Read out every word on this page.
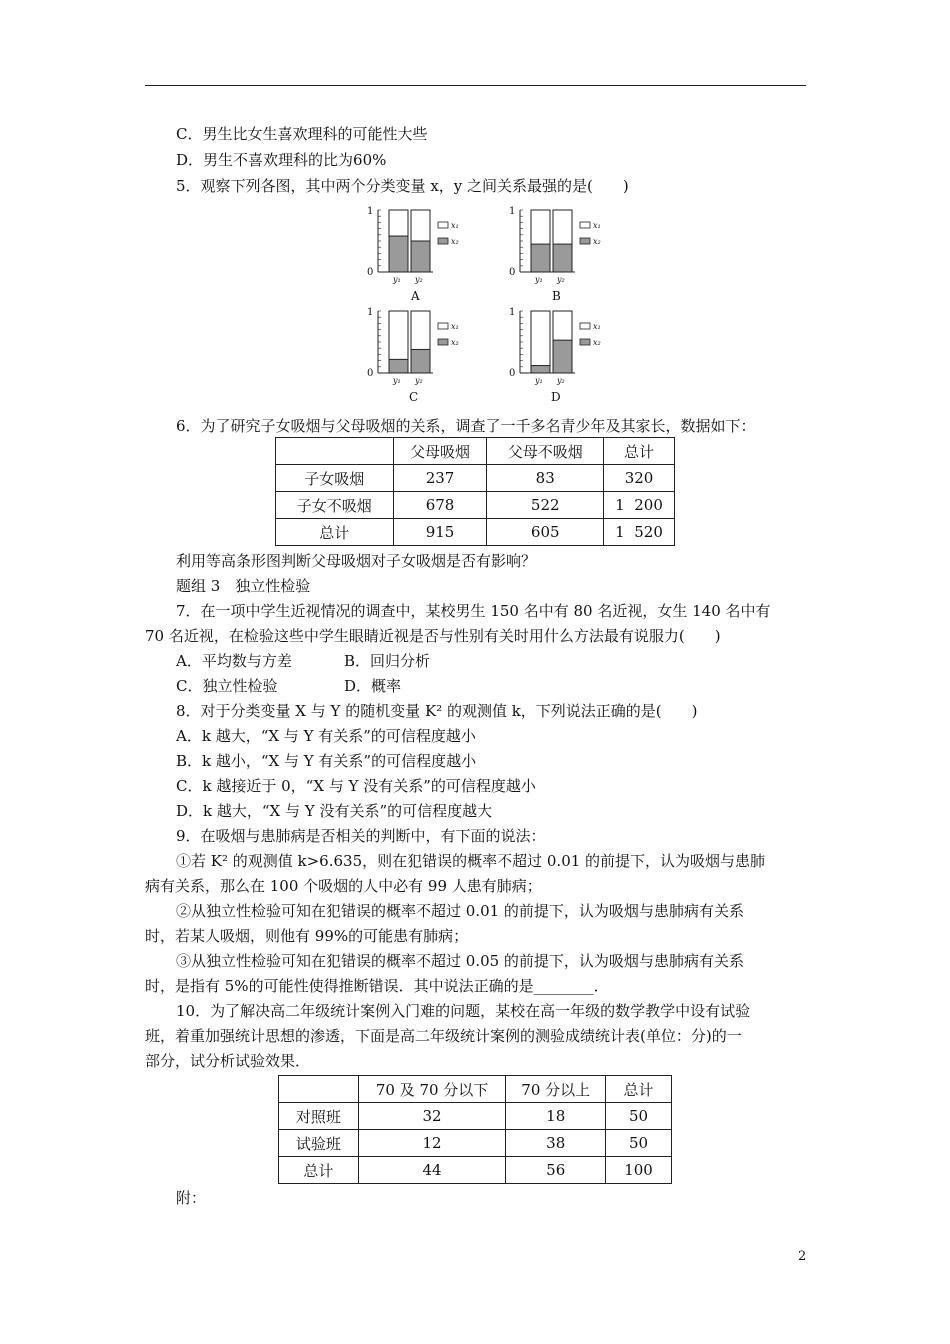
C．男生比女生喜欢理科的可能性大些
D．男生不喜欢理科的比为60%
5．观察下列各图，其中两个分类变量 x，y 之间关系最强的是(　　)
1
0
y₁ y₂
x₁
x₂
A
1
0
y₁ y₂
x₁
x₂
B
1
0
y₁ y₂
x₁
x₂
C
1
0
y₁ y₂
x₁
x₂
D
6．为了研究子女吸烟与父母吸烟的关系，调查了一千多名青少年及其家长，数据如下：
	父母吸烟	父母不吸烟	总计
子女吸烟	237	83	320
子女不吸烟	678	522	1  200
总计	915	605	1  520
利用等高条形图判断父母吸烟对子女吸烟是否有影响？
题组 3　独立性检验
7．在一项中学生近视情况的调查中，某校男生 150 名中有 80 名近视，女生 140 名中有
70 名近视，在检验这些中学生眼睛近视是否与性别有关时用什么方法最有说服力(　　)
A．平均数与方差	B．回归分析
C．独立性检验	D．概率
8．对于分类变量 X 与 Y 的随机变量 K² 的观测值 k，下列说法正确的是(　　)
A．k 越大，“X 与 Y 有关系”的可信程度越小
B．k 越小，“X 与 Y 有关系”的可信程度越小
C．k 越接近于 0，“X 与 Y 没有关系”的可信程度越小
D．k 越大，“X 与 Y 没有关系”的可信程度越大
9．在吸烟与患肺病是否相关的判断中，有下面的说法：
①若 K² 的观测值 k>6.635，则在犯错误的概率不超过 0.01 的前提下，认为吸烟与患肺
病有关系，那么在 100 个吸烟的人中必有 99 人患有肺病；
②从独立性检验可知在犯错误的概率不超过 0.01 的前提下，认为吸烟与患肺病有关系
时，若某人吸烟，则他有 99%的可能患有肺病；
③从独立性检验可知在犯错误的概率不超过 0.05 的前提下，认为吸烟与患肺病有关系
时，是指有 5%的可能性使得推断错误．其中说法正确的是________．
10．为了解决高二年级统计案例入门难的问题，某校在高一年级的数学教学中设有试验
班，着重加强统计思想的渗透，下面是高二年级统计案例的测验成绩统计表(单位：分)的一
部分，试分析试验效果．
	70 及 70 分以下	70 分以上	总计
对照班	32	18	50
试验班	12	38	50
总计	44	56	100
附：
2
